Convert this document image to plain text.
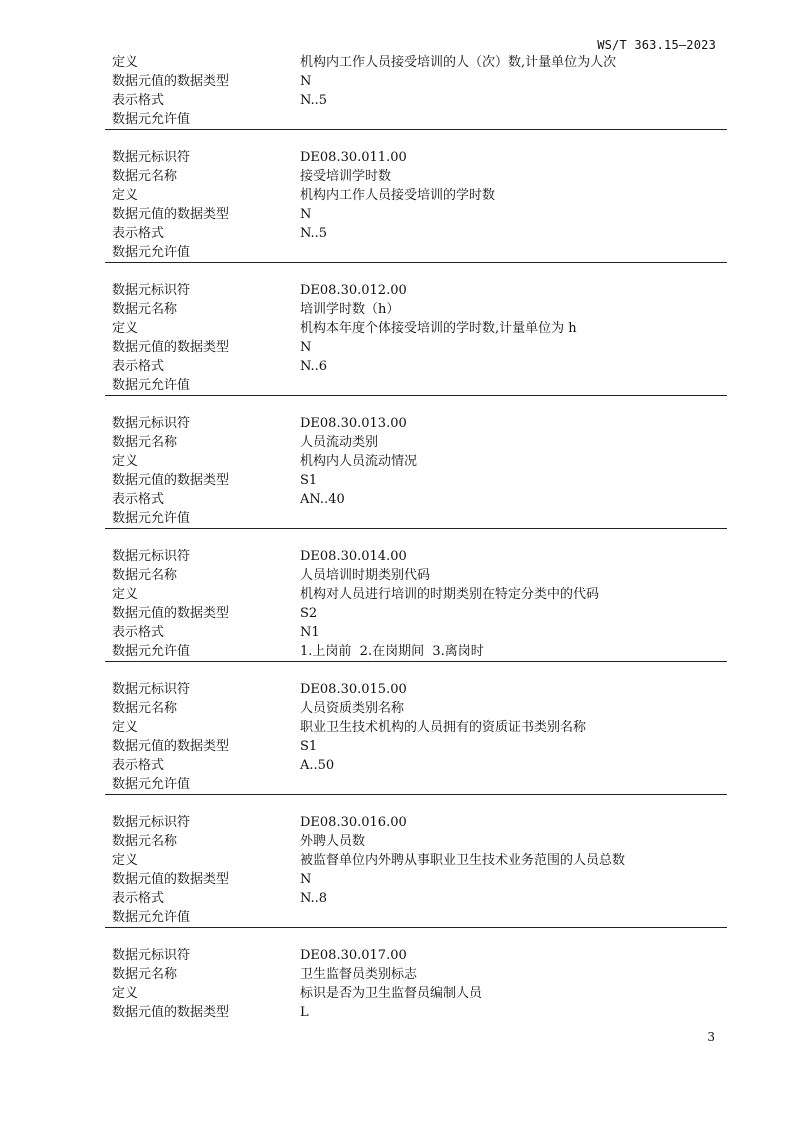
WS/T 363.15—2023
定义	机构内工作人员接受培训的人（次）数,计量单位为人次
数据元值的数据类型	N
表示格式	N..5
数据元允许值
数据元标识符	DE08.30.011.00
数据元名称	接受培训学时数
定义	机构内工作人员接受培训的学时数
数据元值的数据类型	N
表示格式	N..5
数据元允许值
数据元标识符	DE08.30.012.00
数据元名称	培训学时数（h）
定义	机构本年度个体接受培训的学时数,计量单位为 h
数据元值的数据类型	N
表示格式	N..6
数据元允许值
数据元标识符	DE08.30.013.00
数据元名称	人员流动类别
定义	机构内人员流动情况
数据元值的数据类型	S1
表示格式	AN..40
数据元允许值
数据元标识符	DE08.30.014.00
数据元名称	人员培训时期类别代码
定义	机构对人员进行培训的时期类别在特定分类中的代码
数据元值的数据类型	S2
表示格式	N1
数据元允许值	1.上岗前  2.在岗期间  3.离岗时
数据元标识符	DE08.30.015.00
数据元名称	人员资质类别名称
定义	职业卫生技术机构的人员拥有的资质证书类别名称
数据元值的数据类型	S1
表示格式	A..50
数据元允许值
数据元标识符	DE08.30.016.00
数据元名称	外聘人员数
定义	被监督单位内外聘从事职业卫生技术业务范围的人员总数
数据元值的数据类型	N
表示格式	N..8
数据元允许值
数据元标识符	DE08.30.017.00
数据元名称	卫生监督员类别标志
定义	标识是否为卫生监督员编制人员
数据元值的数据类型	L
3
